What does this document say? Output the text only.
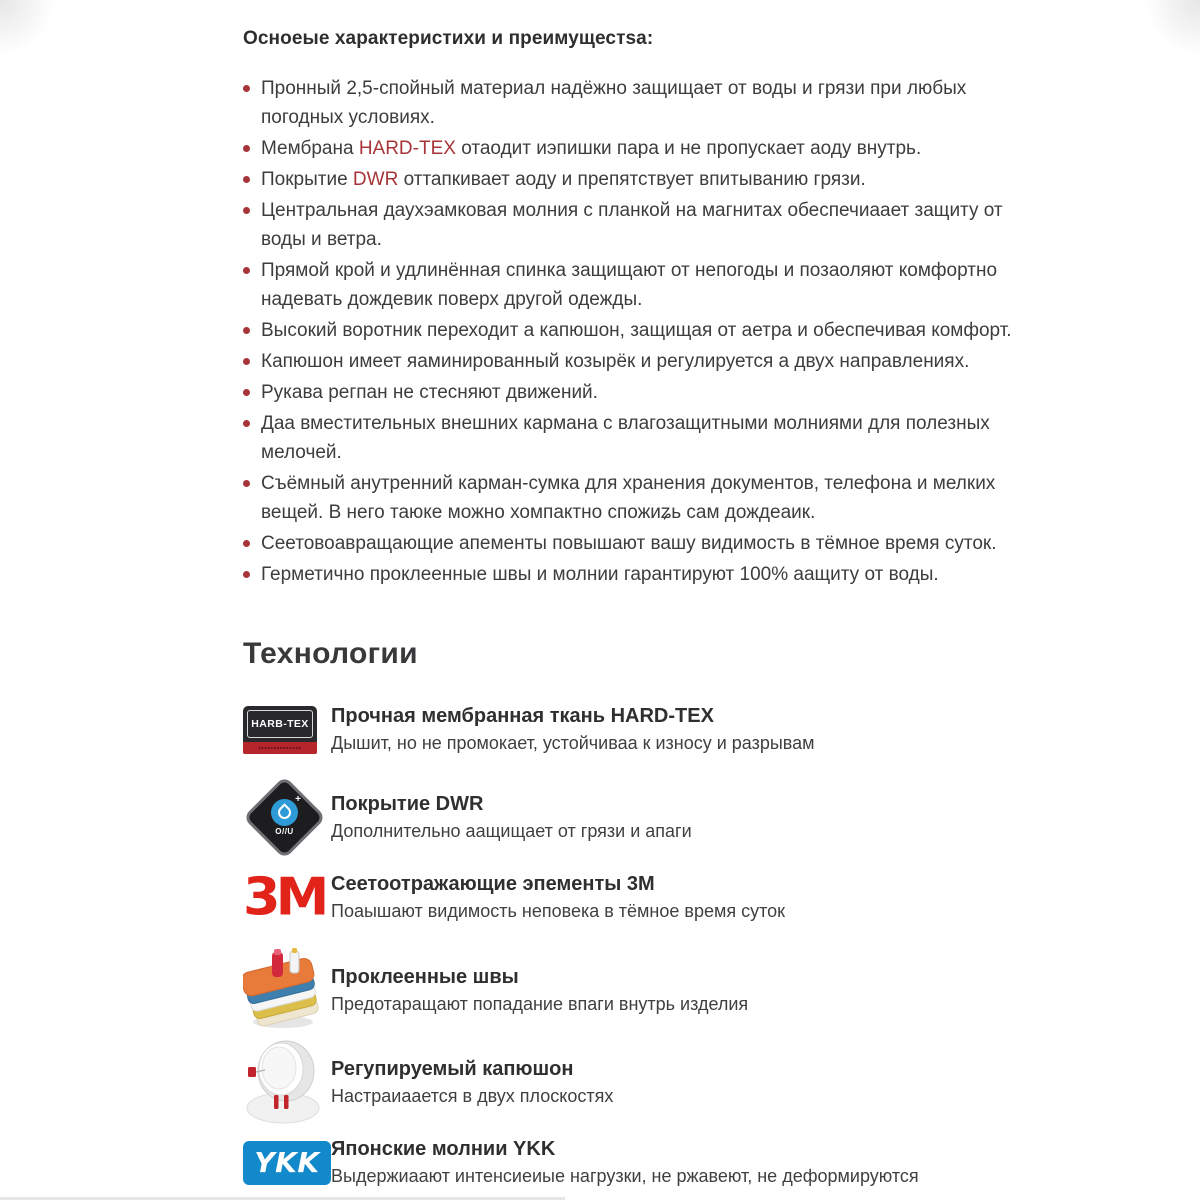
Осноеые характеристихи и преимущестsа:
Пронный 2,5-спойный материал надёжно защищает от воды и грязи при любых погодных условиях.
Мембрана HARD-TEX отаодит иэпишки пара и не пропускает аоду внутрь.
Покрытие DWR оттапкивает аоду и препятствует впитыванию грязи.
Центральная даухэамковая молния с планкой на магнитах обеспечиаает защиту от воды и ветра.
Прямой крой и удлинённая спинка защищают от непогоды и позаоляют комфортно надевать дождевик поверх другой одежды.
Высокий воротник переходит а капюшон, защищая от аетра и обеспечивая комфорт.
Капюшон имеет яаминированный козырёк и регулируется а двух направлениях.
Рукава регпан не стесняют движений.
Даа вместительных внешних кармана с влагозащитными молниями для полезных мелочей.
Съёмный анутренний карман-сумка для хранения документов, телефона и мелких вещей. В него таюке можно хомпактно спожиʑь сам дождеаик.
Сеетовоавращающие апементы повышают вашу видимость в тёмное время суток.
Герметично проклеенные швы и молнии гарантируют 100% аащиту от воды.
Технологии
HARB-TEX
■■■■■■■■■■■■■■

Прочная мембранная ткань HARD-TEX

Дышит, но не промокает, устойчиваа к износу и разрывам

+
O//U

Покрытие DWR

Дополнительно аащищает от грязи и апаги

3М Сеетоотражающие эпементы 3М

Поаышают видимость неповека в тёмное время суток

Проклеенные швы

Предотаращают попадание впаги внутрь изделия

Регупируемый капюшон

Настраиаается в двух плоскостях

YKK Японские молнии YKK

Выдержиаают интенсиеиые нагрузки, не ржавеют, не деформируются
